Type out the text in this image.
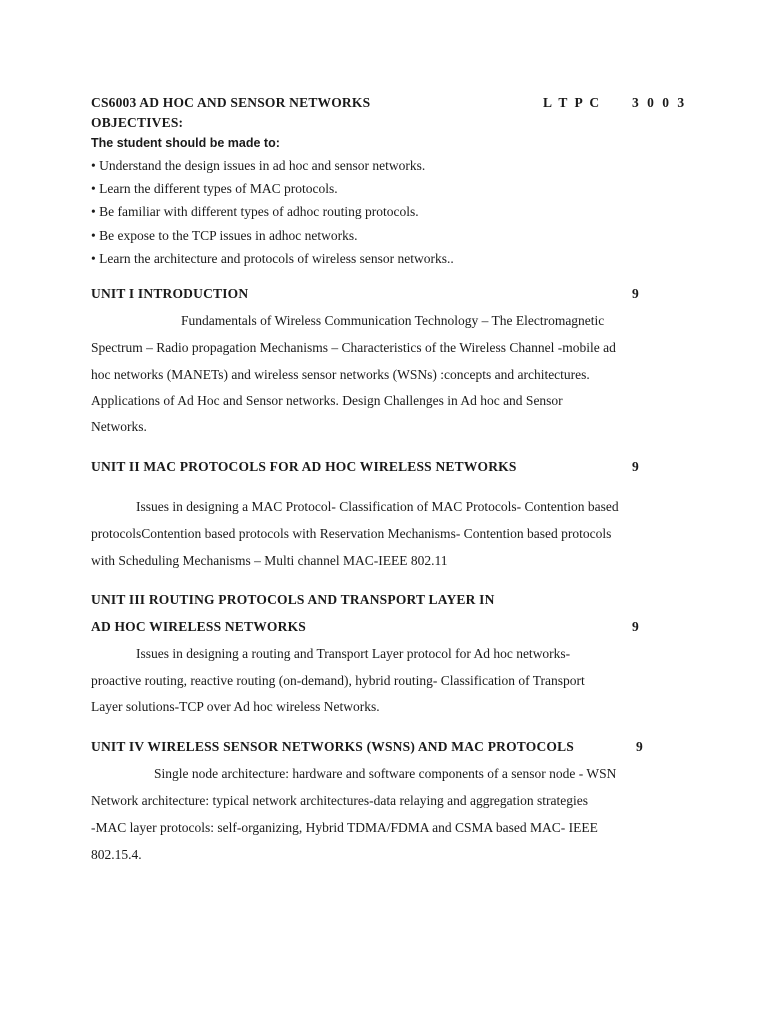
CS6003 AD HOC AND SENSOR NETWORKS	L T P C 3 0 0 3
OBJECTIVES:
The student should be made to:
• Understand the design issues in ad hoc and sensor networks.
• Learn the different types of MAC protocols.
• Be familiar with different types of adhoc routing protocols.
• Be expose to the TCP issues in adhoc networks.
• Learn the architecture and protocols of wireless sensor networks..
UNIT I INTRODUCTION	9
Fundamentals of Wireless Communication Technology – The Electromagnetic
Spectrum – Radio propagation Mechanisms – Characteristics of the Wireless Channel -mobile ad
hoc networks (MANETs) and wireless sensor networks (WSNs) :concepts and architectures.
Applications of Ad Hoc and Sensor networks. Design Challenges in Ad hoc and Sensor
Networks.
UNIT II MAC PROTOCOLS FOR AD HOC WIRELESS NETWORKS	9
Issues in designing a MAC Protocol- Classification of MAC Protocols- Contention based
protocolsContention based protocols with Reservation Mechanisms- Contention based protocols
with Scheduling Mechanisms – Multi channel MAC-IEEE 802.11
UNIT III ROUTING PROTOCOLS AND TRANSPORT LAYER IN
AD HOC WIRELESS NETWORKS	9
Issues in designing a routing and Transport Layer protocol for Ad hoc networks-
proactive routing, reactive routing (on-demand), hybrid routing- Classification of Transport
Layer solutions-TCP over Ad hoc wireless Networks.
UNIT IV WIRELESS SENSOR NETWORKS (WSNS) AND MAC PROTOCOLS	9
Single node architecture: hardware and software components of a sensor node - WSN
Network architecture: typical network architectures-data relaying and aggregation strategies
-MAC layer protocols: self-organizing, Hybrid TDMA/FDMA and CSMA based MAC- IEEE
802.15.4.
